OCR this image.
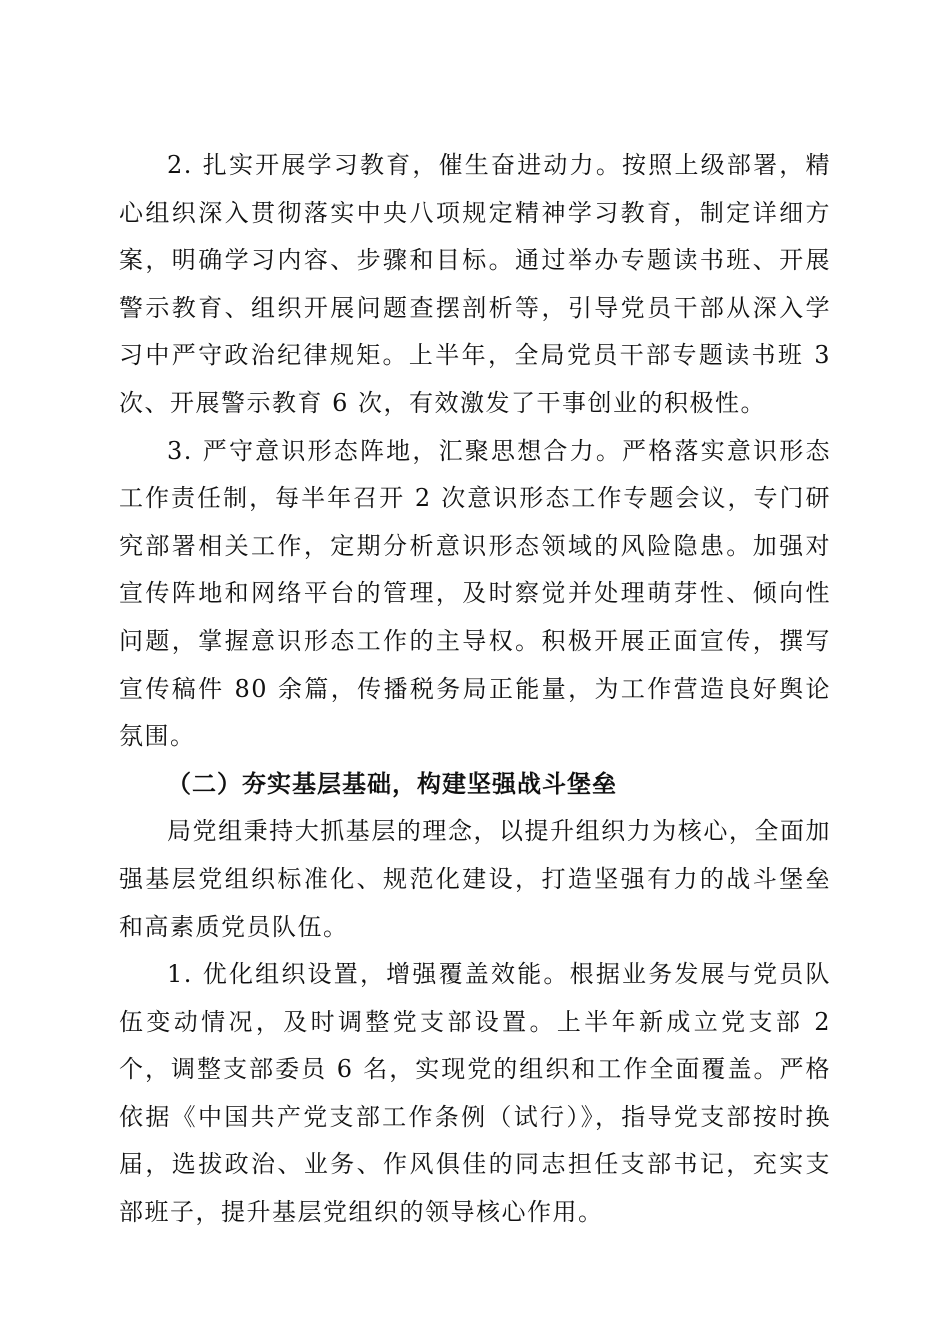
2. 扎实开展学习教育，催生奋进动力。按照上级部署，精心组织深入贯彻落实中央八项规定精神学习教育，制定详细方案，明确学习内容、步骤和目标。通过举办专题读书班、开展警示教育、组织开展问题查摆剖析等，引导党员干部从深入学习中严守政治纪律规矩。上半年，全局党员干部专题读书班 3 次、开展警示教育 6 次，有效激发了干事创业的积极性。

3. 严守意识形态阵地，汇聚思想合力。严格落实意识形态工作责任制，每半年召开 2 次意识形态工作专题会议，专门研究部署相关工作，定期分析意识形态领域的风险隐患。加强对宣传阵地和网络平台的管理，及时察觉并处理萌芽性、倾向性问题，掌握意识形态工作的主导权。积极开展正面宣传，撰写宣传稿件 80 余篇，传播税务局正能量，为工作营造良好舆论氛围。

（二）夯实基层基础，构建坚强战斗堡垒

局党组秉持大抓基层的理念，以提升组织力为核心，全面加强基层党组织标准化、规范化建设，打造坚强有力的战斗堡垒和高素质党员队伍。

1. 优化组织设置，增强覆盖效能。根据业务发展与党员队伍变动情况，及时调整党支部设置。上半年新成立党支部 2 个，调整支部委员 6 名，实现党的组织和工作全面覆盖。严格依据《中国共产党支部工作条例（试行）》，指导党支部按时换届，选拔政治、业务、作风俱佳的同志担任支部书记，充实支部班子，提升基层党组织的领导核心作用。
